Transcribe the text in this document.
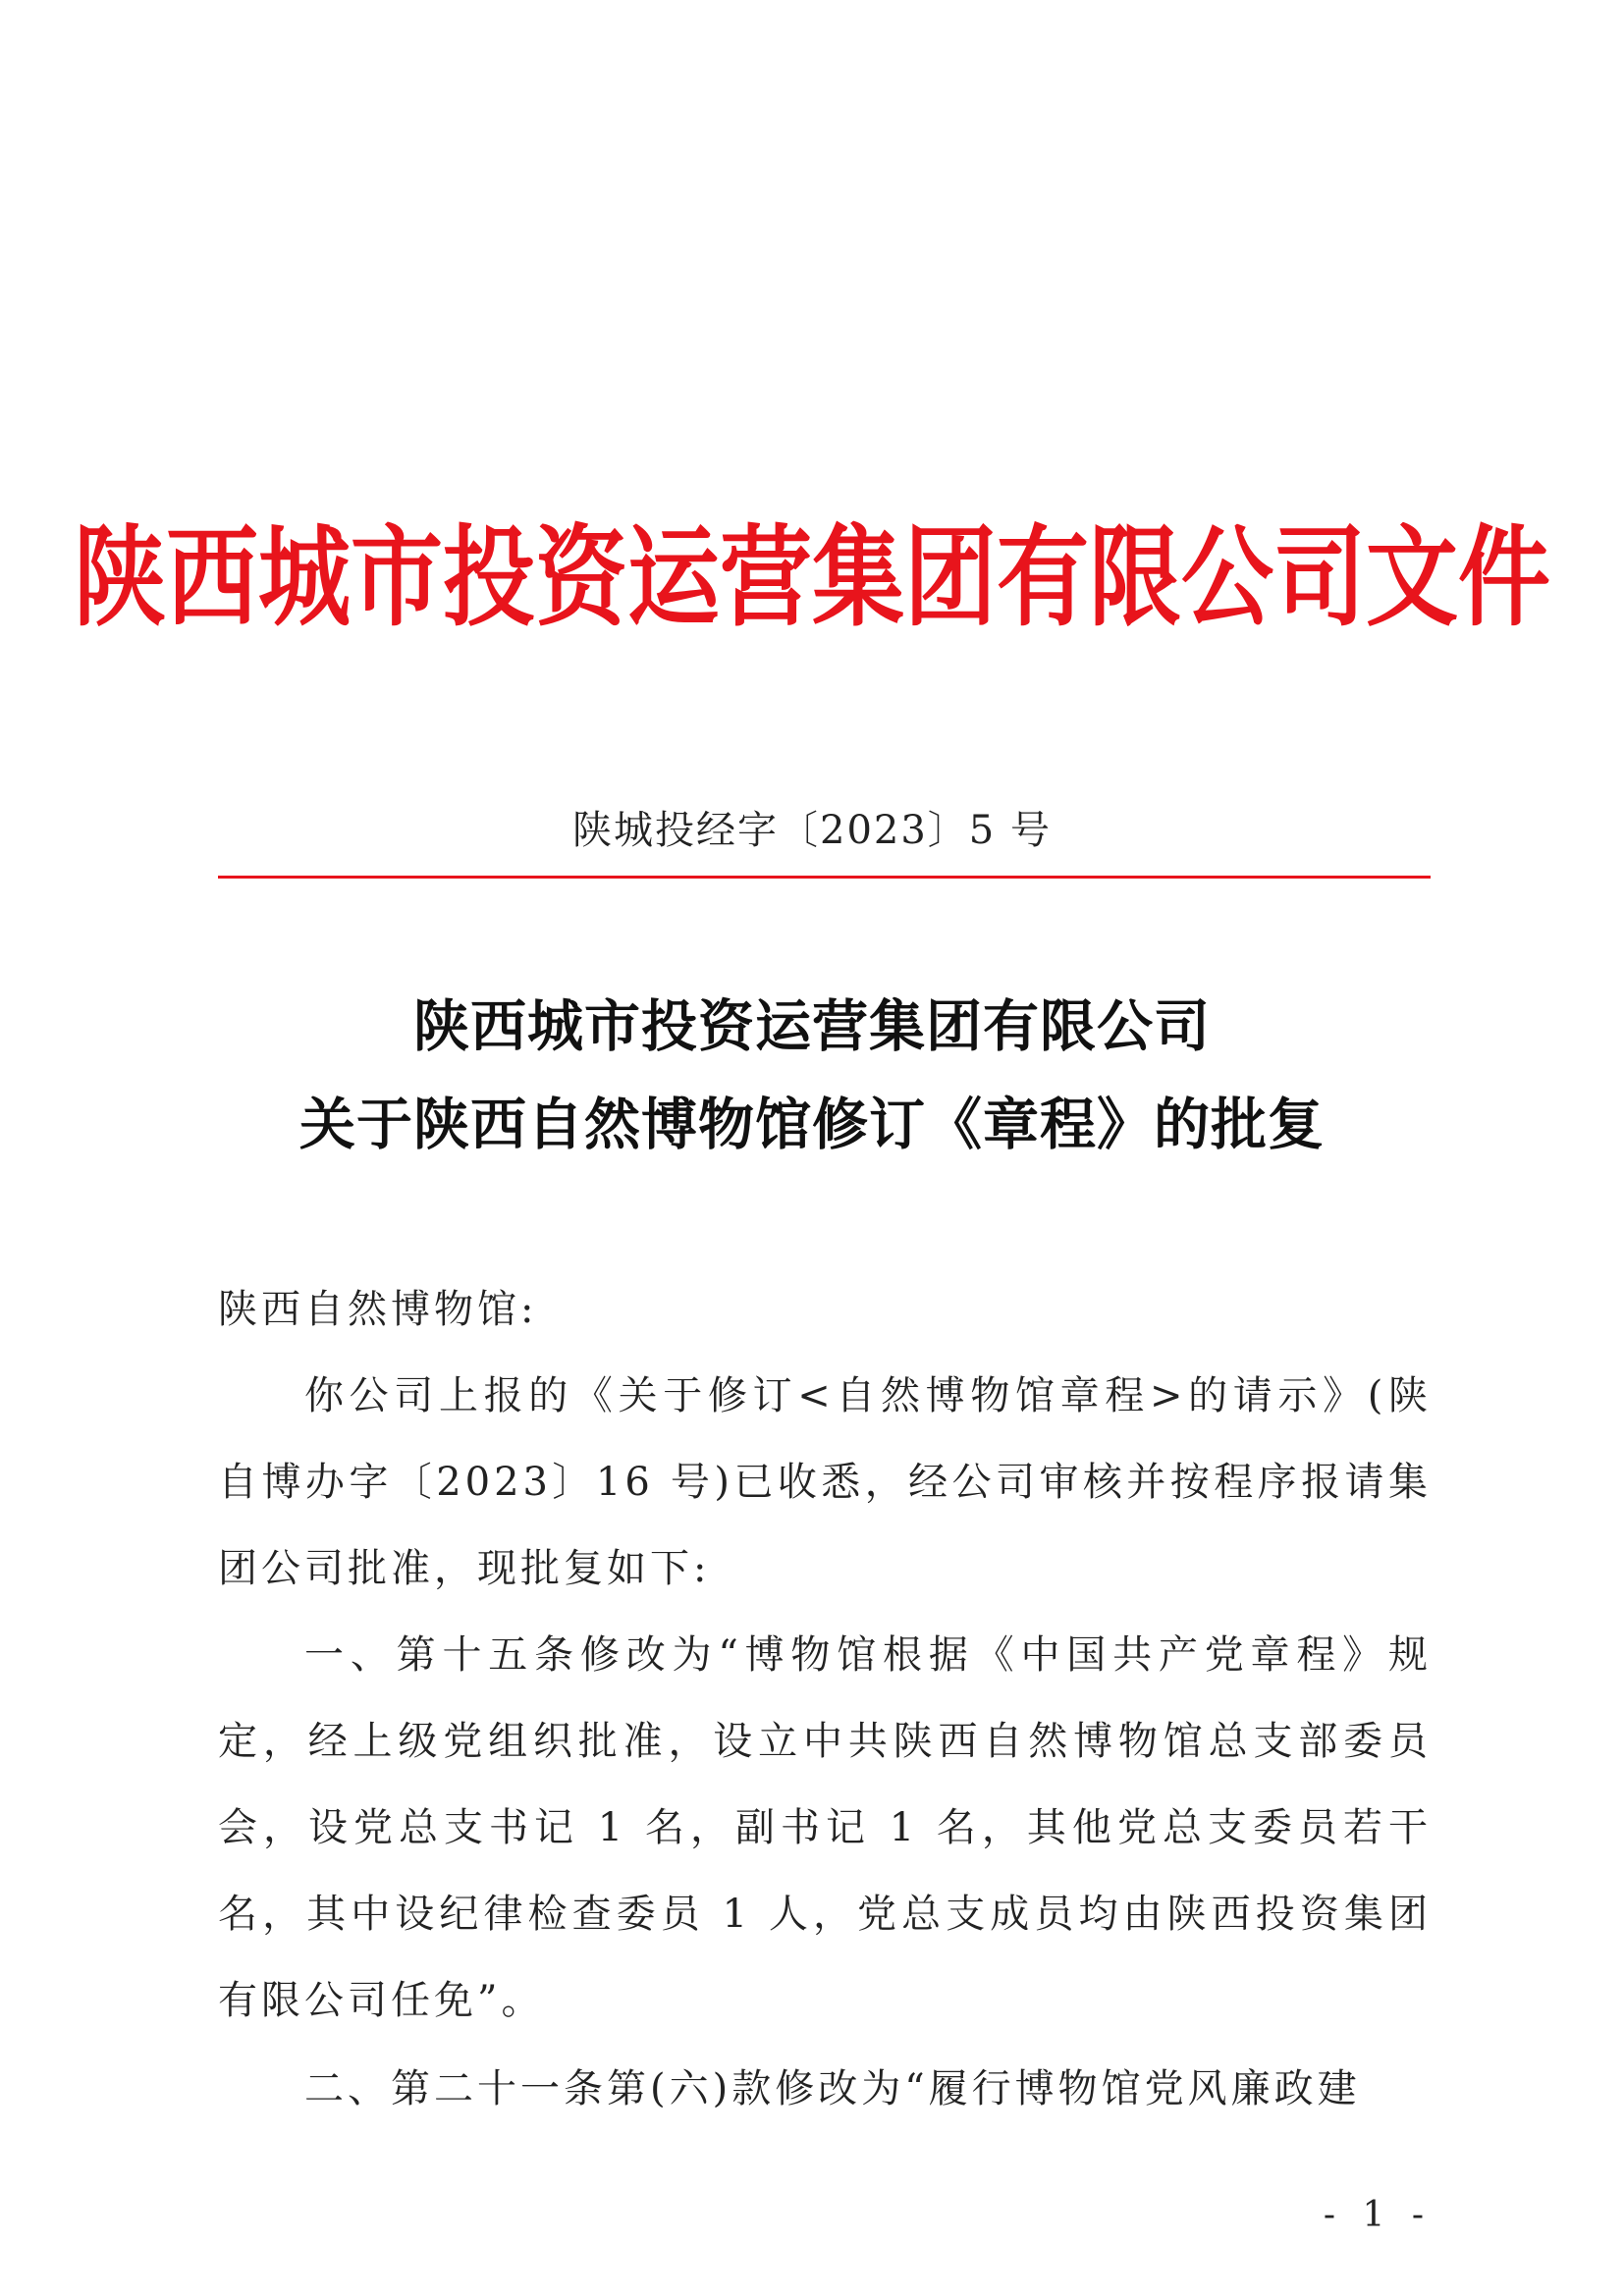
陕西城市投资运营集团有限公司文件
陕城投经字〔2023〕5 号
陕西城市投资运营集团有限公司
关于陕西自然博物馆修订《章程》的批复
陕西自然博物馆:

你公司上报的《关于修订<自然博物馆章程>的请示》(陕自博办字〔2023〕16 号)已收悉，经公司审核并按程序报请集团公司批准，现批复如下:

一、第十五条修改为“博物馆根据《中国共产党章程》规定，经上级党组织批准，设立中共陕西自然博物馆总支部委员会，设党总支书记 1 名，副书记 1 名，其他党总支委员若干名，其中设纪律检查委员 1 人，党总支成员均由陕西投资集团有限公司任免”。

二、第二十一条第(六)款修改为“履行博物馆党风廉政建

- 1 -
